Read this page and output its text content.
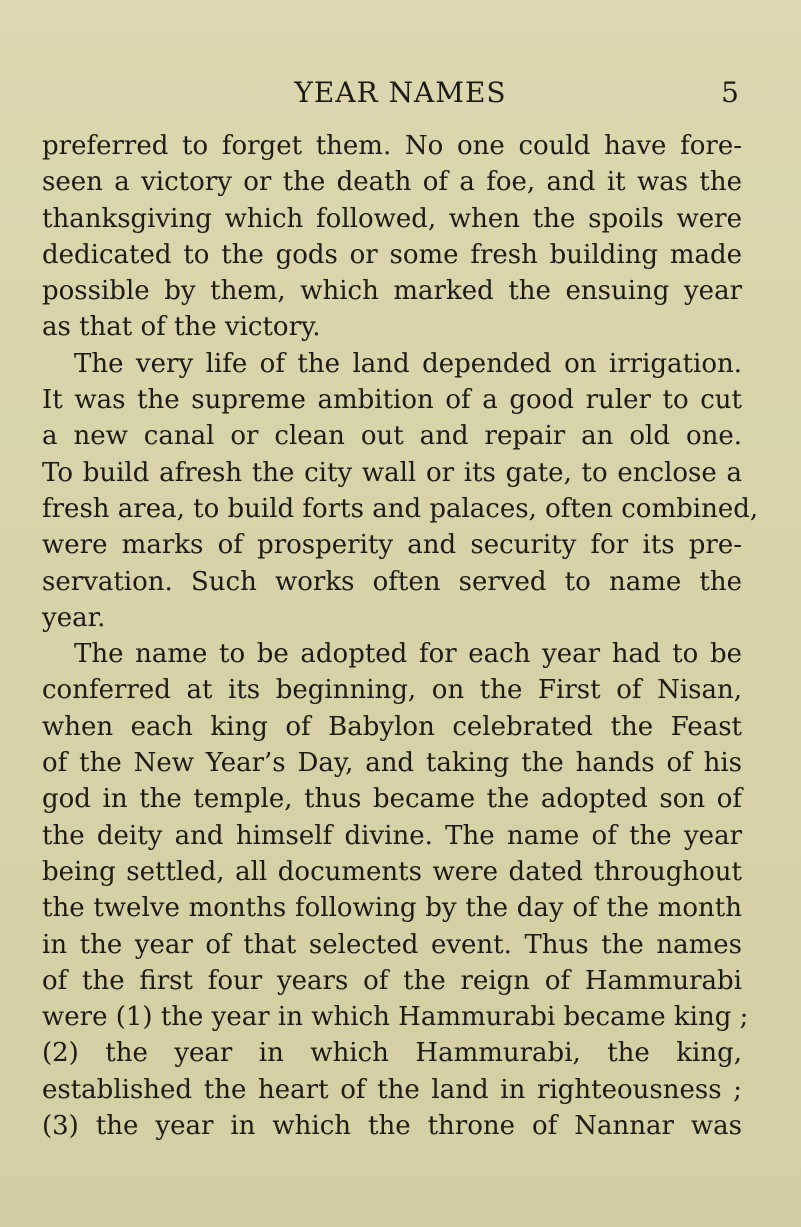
YEAR NAMES	5
preferred to forget them. No one could have fore-
seen a victory or the death of a foe, and it was the
thanksgiving which followed, when the spoils were
dedicated to the gods or some fresh building made
possible by them, which marked the ensuing year
as that of the victory.
The very life of the land depended on irrigation.
It was the supreme ambition of a good ruler to cut
a new canal or clean out and repair an old one.
To build afresh the city wall or its gate, to enclose a
fresh area, to build forts and palaces, often combined,
were marks of prosperity and security for its pre-
servation. Such works often served to name the
year.
The name to be adopted for each year had to be
conferred at its beginning, on the First of Nisan,
when each king of Babylon celebrated the Feast
of the New Year’s Day, and taking the hands of his
god in the temple, thus became the adopted son of
the deity and himself divine. The name of the year
being settled, all documents were dated throughout
the twelve months following by the day of the month
in the year of that selected event. Thus the names
of the first four years of the reign of Hammurabi
were (1) the year in which Hammurabi became king ;
(2) the year in which Hammurabi, the king,
established the heart of the land in righteousness ;
(3) the year in which the throne of Nannar was
